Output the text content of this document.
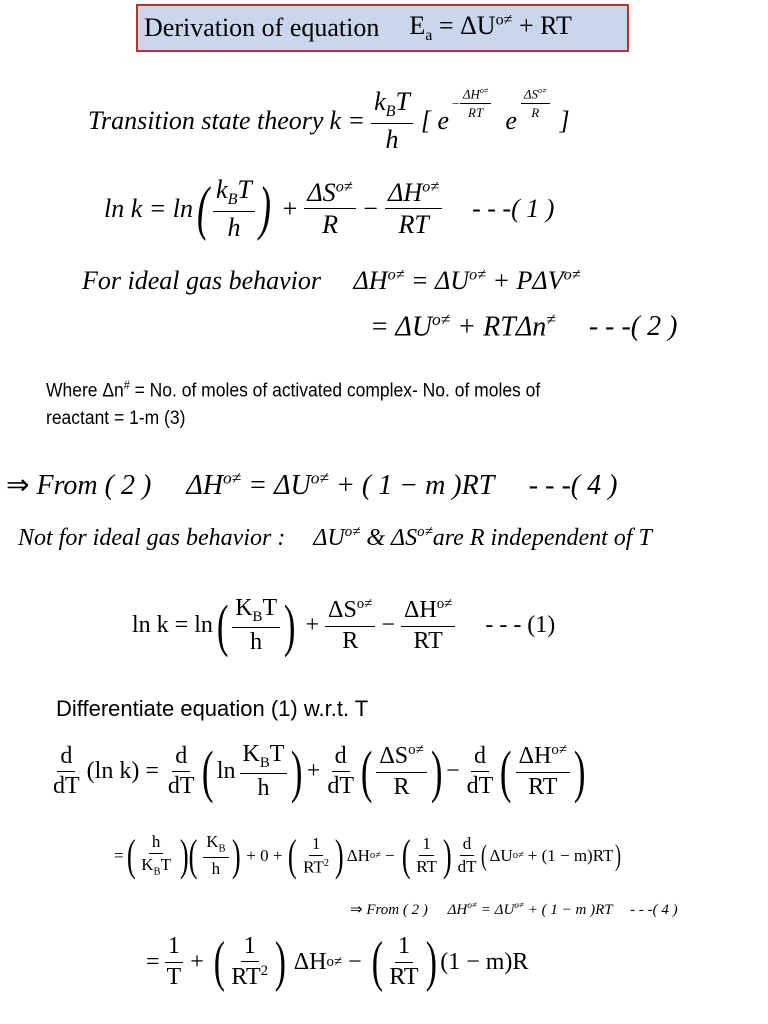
Derivation of equation $E_a = \Delta U^{o\ne}$ + RT
Transition state theory $k = \frac{k_BT}{h}$ [ e
− $\frac{\Delta H^{o\ne}}{RT}$
e
$\frac{\Delta S^{o\ne}}{R}$
]
ln k = ln ( $\frac{k_BT}{h}$ ) + $\frac{\Delta S^{o\ne}}{R} - \frac{\Delta H^{o\ne}}{RT}$ - - -( 1 )
For ideal gas behavior $\Delta H^{o\ne} = \Delta U^{o\ne} + P\Delta V^{o\ne}$
= $\Delta U^{o\ne} + RT\Delta n^\ne$ - - -( 2 )
Where Δn# = No. of moles of activated complex- No. of moles of
reactant = 1-m (3)
⇒ From ( 2 ) $\Delta H^{o\ne} = \Delta U^{o\ne}$ + ( 1 − m )RT - - -( 4 )
Not for ideal gas behavior : $\Delta U^{o\ne}$ & $\Delta S^{o\ne}are$ R independent of T
ln k = ln ( $\frac{K_BT}{h}$ ) + $\frac{\Delta S^{o\ne}}{R} - \frac{\Delta H^{o\ne}}{RT}$ - - - (1)
Differentiate equation (1) w.r.t. T
$\frac{d}{dT} (\ln$ $k) = \frac{d}{dT}$ ( $\ln \frac{K_BT}{h}$ ) + $\frac{d}{dT}$ ( $\frac{\Delta S^{o\ne}}{R}$ ) − $\frac{d}{dT}$ ( $\frac{\Delta H^{o\ne}}{RT}$ )
= ( $\frac{h}{K_BT}$ )( $\frac{K_B}{h}$ ) + 0 + ( $\frac{1}{RT^2}$ ) ΔH o≠ − ( $\frac{1}{RT}$ ) $\frac{d}{dT}$ ( ΔU o≠ + (1 − m)RT )
⇒ From ( 2 ) $\Delta H^{o\ne} = \Delta U^{o\ne}$ + ( 1 − m )RT - - -( 4 )
= $\frac{1}{T}$ + ( $\frac{1}{RT^2}$ ) ΔH o≠ − ( $\frac{1}{RT}$ ) (1 − m)R
